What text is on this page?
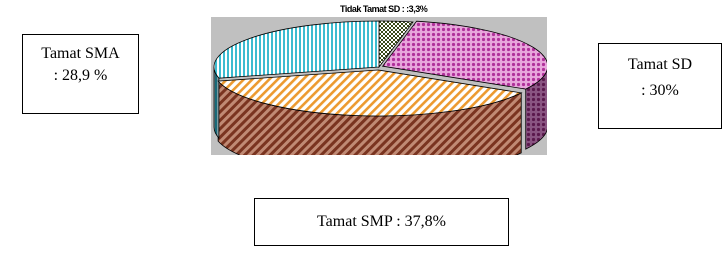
Tidak Tamat SD : :3,3%
Tamat SMA
: 28,9 %
Tamat SD
: 30%
Tamat SMP : 37,8%
